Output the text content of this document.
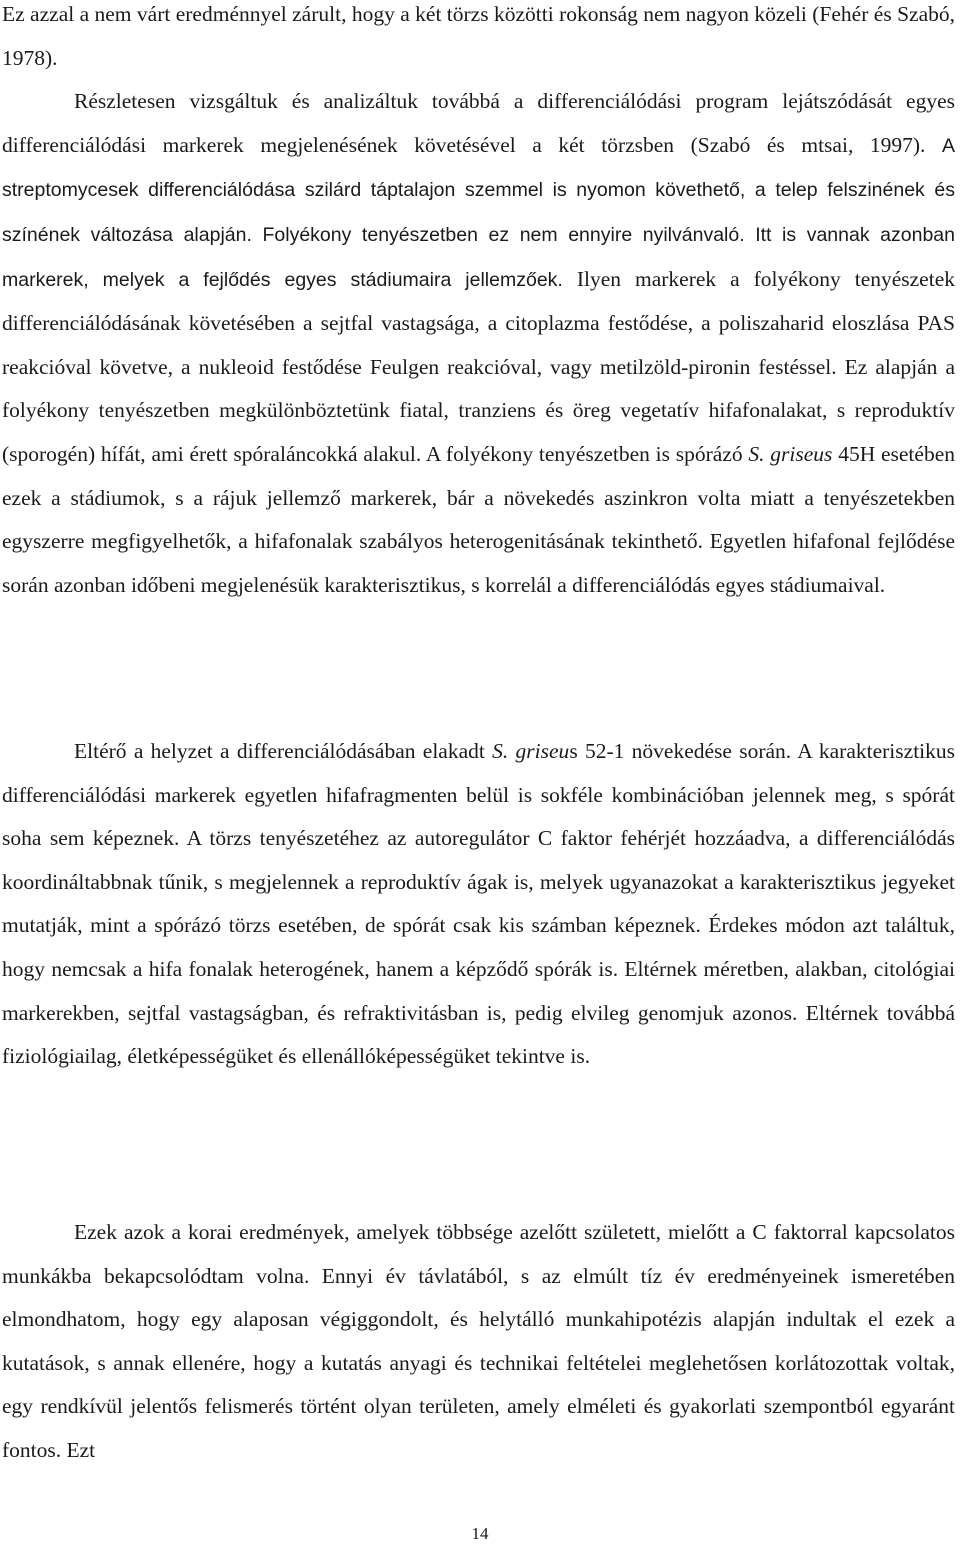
Ez azzal a nem várt eredménnyel zárult, hogy a két törzs közötti rokonság nem nagyon közeli (Fehér és Szabó, 1978).
Részletesen vizsgáltuk és analizáltuk továbbá a differenciálódási program lejátszódását egyes differenciálódási markerek megjelenésének követésével a két törzsben (Szabó és mtsai, 1997). A streptomycesek differenciálódása szilárd táptalajon szemmel is nyomon követhető, a telep felszinének és színének változása alapján. Folyékony tenyészetben ez nem ennyire nyilvánvaló. Itt is vannak azonban markerek, melyek a fejlődés egyes stádiumaira jellemzőek. Ilyen markerek a folyékony tenyészetek differenciálódásának követésében a sejtfal vastagsága, a citoplazma festődése, a poliszaharid eloszlása PAS reakcióval követve, a nukleoid festődése Feulgen reakcióval, vagy metilzöld-pironin festéssel. Ez alapján a folyékony tenyészetben megkülönböztetünk fiatal, tranziens és öreg vegetatív hifafonalakat, s reproduktív (sporogén) hífát, ami érett spóraláncokká alakul. A folyékony tenyészetben is spórázó S. griseus 45H esetében ezek a stádiumok, s a rájuk jellemző markerek, bár a növekedés aszinkron volta miatt a tenyészetekben egyszerre megfigyelhetők, a hifafonalak szabályos heterogenitásának tekinthető. Egyetlen hifafonal fejlődése során azonban időbeni megjelenésük karakterisztikus, s korrelál a differenciálódás egyes stádiumaival.

Eltérő a helyzet a differenciálódásában elakadt S. griseus 52-1 növekedése során. A karakterisztikus differenciálódási markerek egyetlen hifafragmenten belül is sokféle kombinációban jelennek meg, s spórát soha sem képeznek. A törzs tenyészetéhez az autoregulátor C faktor fehérjét hozzáadva, a differenciálódás koordináltabbnak tűnik, s megjelennek a reproduktív ágak is, melyek ugyanazokat a karakterisztikus jegyeket mutatják, mint a spórázó törzs esetében, de spórát csak kis számban képeznek. Érdekes módon azt találtuk, hogy nemcsak a hifa fonalak heterogének, hanem a képződő spórák is. Eltérnek méretben, alakban, citológiai markerekben, sejtfal vastagságban, és refraktivitásban is, pedig elvileg genomjuk azonos. Eltérnek továbbá fiziológiailag, életképességüket és ellenállóképességüket tekintve is.

Ezek azok a korai eredmények, amelyek többsége azelőtt született, mielőtt a C faktorral kapcsolatos munkákba bekapcsolódtam volna. Ennyi év távlatából, s az elmúlt tíz év eredményeinek ismeretében elmondhatom, hogy egy alaposan végiggondolt, és helytálló munkahipotézis alapján indultak el ezek a kutatások, s annak ellenére, hogy a kutatás anyagi és technikai feltételei meglehetősen korlátozottak voltak, egy rendkívül jelentős felismerés történt olyan területen, amely elméleti és gyakorlati szempontból egyaránt fontos. Ezt

14
